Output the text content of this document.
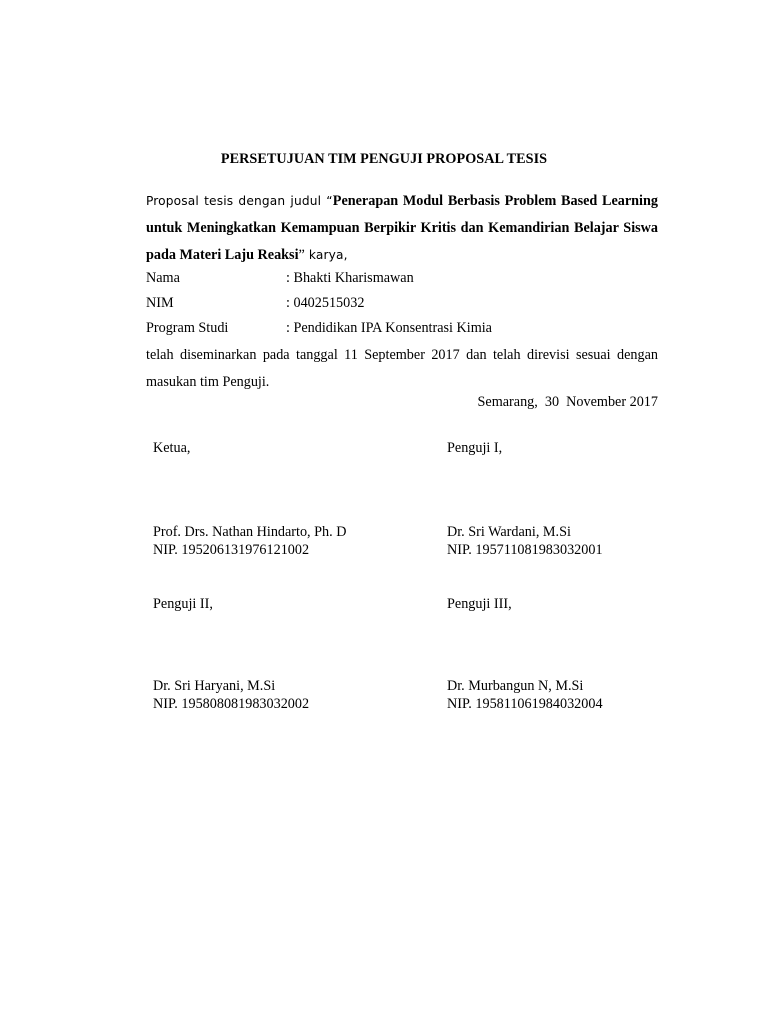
PERSETUJUAN TIM PENGUJI PROPOSAL TESIS
Proposal tesis dengan judul “Penerapan Modul Berbasis Problem Based Learning untuk Meningkatkan Kemampuan Berpikir Kritis dan Kemandirian Belajar Siswa pada Materi Laju Reaksi” karya,
Nama	: Bhakti Kharismawan
NIM	: 0402515032
Program Studi	: Pendidikan IPA Konsentrasi Kimia
telah diseminarkan pada tanggal 11 September 2017 dan telah direvisi sesuai dengan masukan tim Penguji.
Semarang,  30  November 2017
Ketua,
Prof. Drs. Nathan Hindarto, Ph. D
NIP. 195206131976121002
Penguji I,
Dr. Sri Wardani, M.Si
NIP. 195711081983032001
Penguji II,
Dr. Sri Haryani, M.Si
NIP. 195808081983032002
Penguji III,
Dr. Murbangun N, M.Si
NIP. 195811061984032004
